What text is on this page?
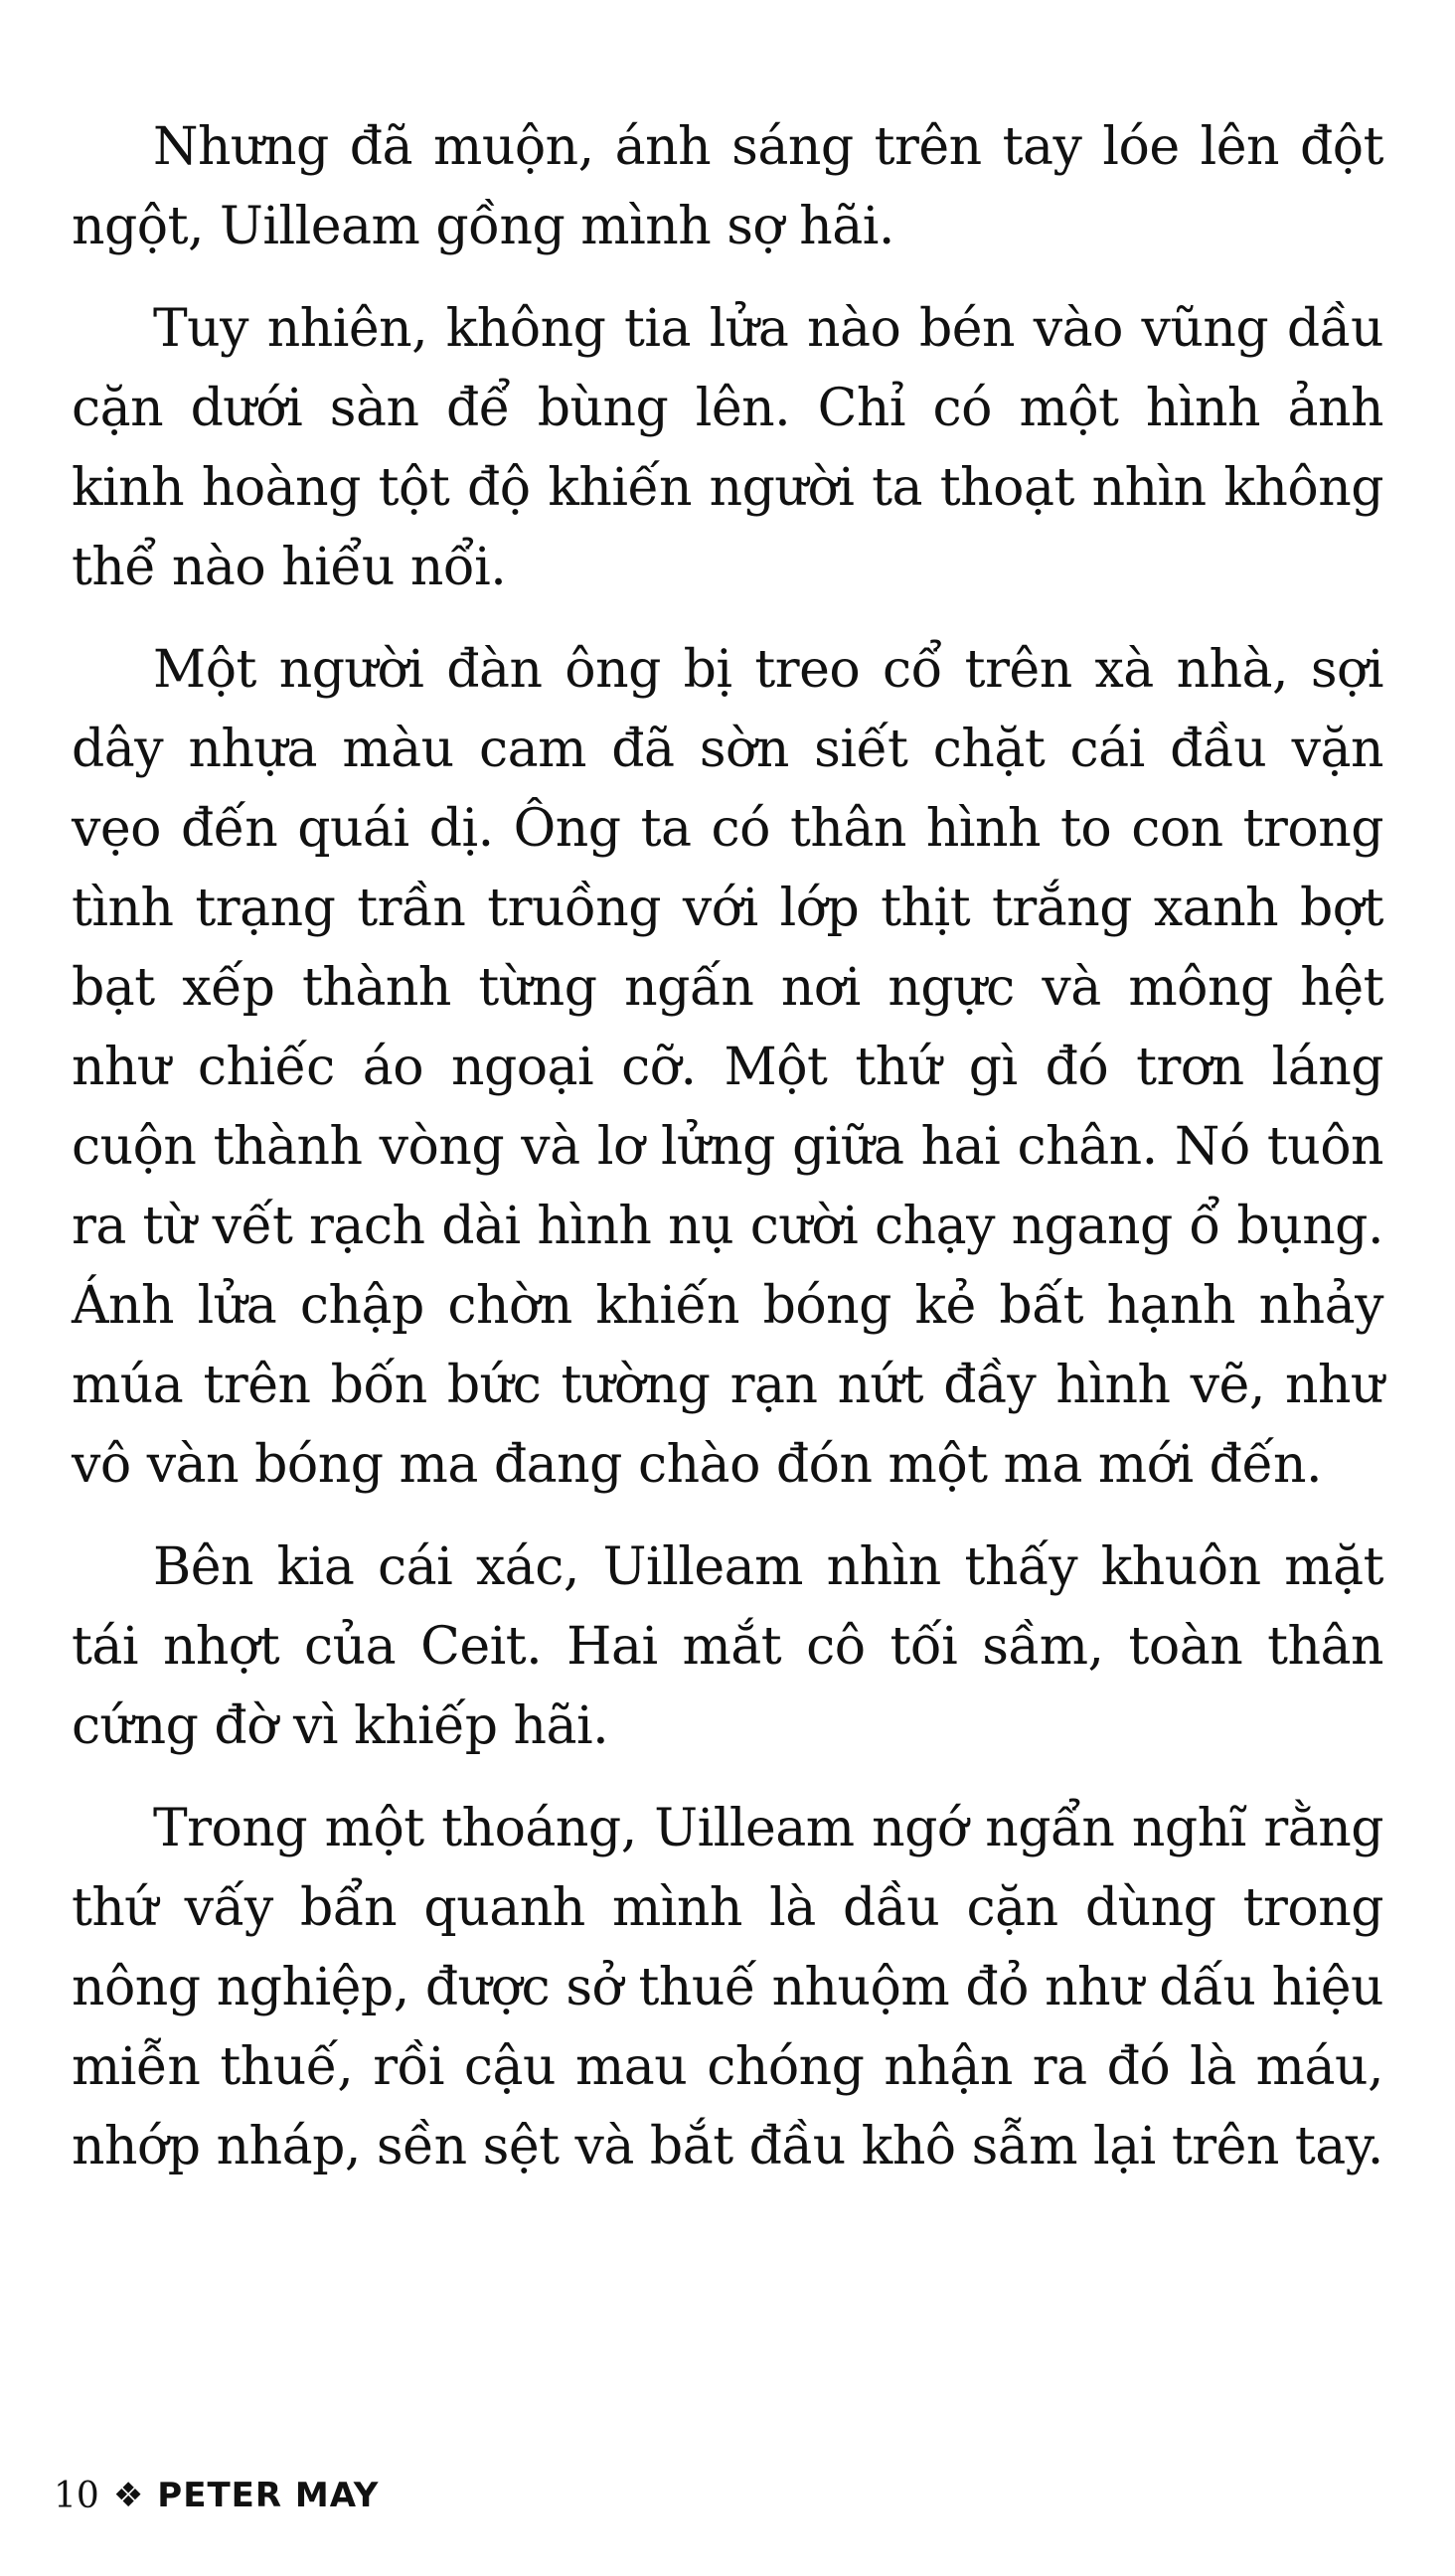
Nhưng đã muộn, ánh sáng trên tay lóe lên đột ngột, Uilleam gồng mình sợ hãi.

Tuy nhiên, không tia lửa nào bén vào vũng dầu cặn dưới sàn để bùng lên. Chỉ có một hình ảnh kinh hoàng tột độ khiến người ta thoạt nhìn không thể nào hiểu nổi.

Một người đàn ông bị treo cổ trên xà nhà, sợi dây nhựa màu cam đã sờn siết chặt cái đầu vặn vẹo đến quái dị. Ông ta có thân hình to con trong tình trạng trần truồng với lớp thịt trắng xanh bợt bạt xếp thành từng ngấn nơi ngực và mông hệt như chiếc áo ngoại cỡ. Một thứ gì đó trơn láng cuộn thành vòng và lơ lửng giữa hai chân. Nó tuôn ra từ vết rạch dài hình nụ cười chạy ngang ổ bụng. Ánh lửa chập chờn khiến bóng kẻ bất hạnh nhảy múa trên bốn bức tường rạn nứt đầy hình vẽ, như vô vàn bóng ma đang chào đón một ma mới đến.

Bên kia cái xác, Uilleam nhìn thấy khuôn mặt tái nhợt của Ceit. Hai mắt cô tối sầm, toàn thân cứng đờ vì khiếp hãi.

Trong một thoáng, Uilleam ngớ ngẩn nghĩ rằng thứ vấy bẩn quanh mình là dầu cặn dùng trong nông nghiệp, được sở thuế nhuộm đỏ như dấu hiệu miễn thuế, rồi cậu mau chóng nhận ra đó là máu, nhớp nháp, sền sệt và bắt đầu khô sẫm lại trên tay.

10 ❖ PETER MAY
